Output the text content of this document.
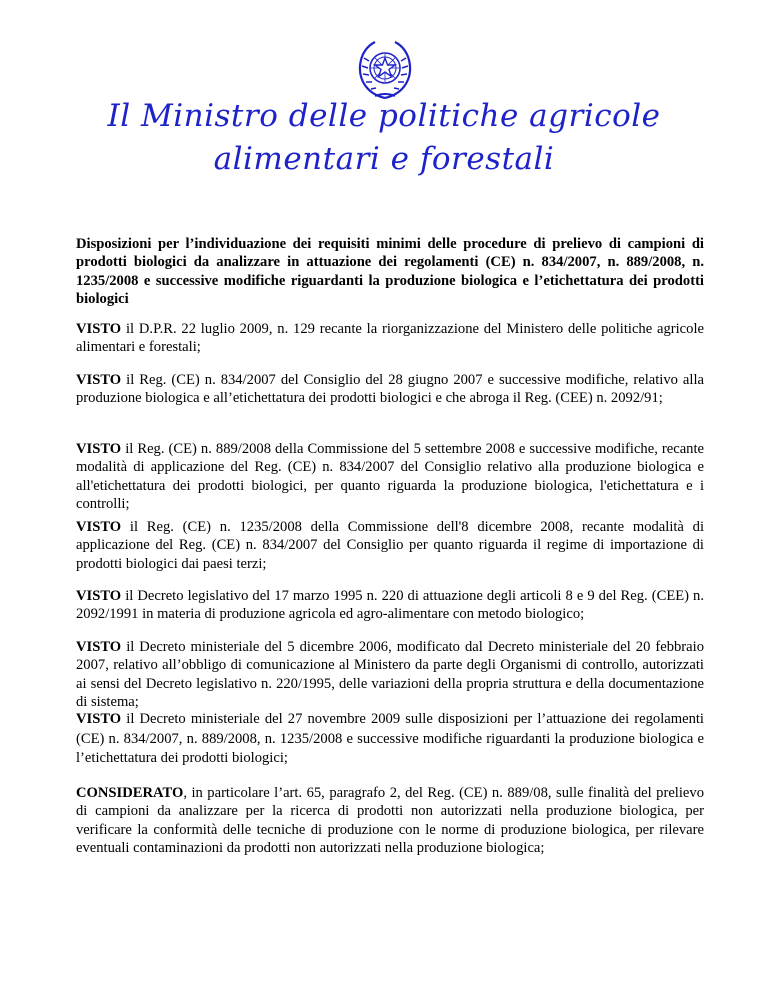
Il Ministro delle politiche agricole
alimentari e forestali
Disposizioni per l’individuazione dei requisiti minimi delle procedure di prelievo di campioni di prodotti biologici da analizzare in attuazione dei regolamenti (CE) n. 834/2007, n. 889/2008, n. 1235/2008 e successive modifiche riguardanti la produzione biologica e l’etichettatura dei prodotti biologici
VISTO il D.P.R. 22 luglio 2009, n. 129 recante la riorganizzazione del Ministero delle politiche agricole alimentari e forestali;
VISTO il Reg. (CE) n. 834/2007 del Consiglio del 28 giugno 2007 e successive modifiche, relativo alla produzione biologica e all’etichettatura dei prodotti biologici e che abroga il Reg. (CEE) n. 2092/91;
VISTO il Reg. (CE) n. 889/2008 della Commissione del 5 settembre 2008 e successive modifiche, recante modalità di applicazione del Reg. (CE) n. 834/2007 del Consiglio relativo alla produzione biologica e all'etichettatura dei prodotti biologici, per quanto riguarda la produzione biologica, l'etichettatura e i controlli;
VISTO il Reg. (CE) n. 1235/2008 della Commissione dell'8 dicembre 2008, recante modalità di applicazione del Reg. (CE) n. 834/2007 del Consiglio per quanto riguarda il regime di importazione di prodotti biologici dai paesi terzi;
VISTO il Decreto legislativo del 17 marzo 1995 n. 220 di attuazione degli articoli 8 e 9 del Reg. (CEE) n. 2092/1991 in materia di produzione agricola ed agro-alimentare con metodo biologico;
VISTO il Decreto ministeriale del 5 dicembre 2006, modificato dal Decreto ministeriale del 20 febbraio 2007, relativo all’obbligo di comunicazione al Ministero da parte degli Organismi di controllo, autorizzati ai sensi del Decreto legislativo n. 220/1995, delle variazioni della propria struttura e della documentazione di sistema;
VISTO il Decreto ministeriale del 27 novembre 2009 sulle disposizioni per l’attuazione dei regolamenti (CE) n. 834/2007, n. 889/2008, n. 1235/2008 e successive modifiche riguardanti la produzione biologica e l’etichettatura dei prodotti biologici;
CONSIDERATO, in particolare l’art. 65, paragrafo 2, del Reg. (CE) n. 889/08, sulle finalità del prelievo di campioni da analizzare per la ricerca di prodotti non autorizzati nella produzione biologica, per verificare la conformità delle tecniche di produzione con le norme di produzione biologica, per rilevare eventuali contaminazioni da prodotti non autorizzati nella produzione biologica;
